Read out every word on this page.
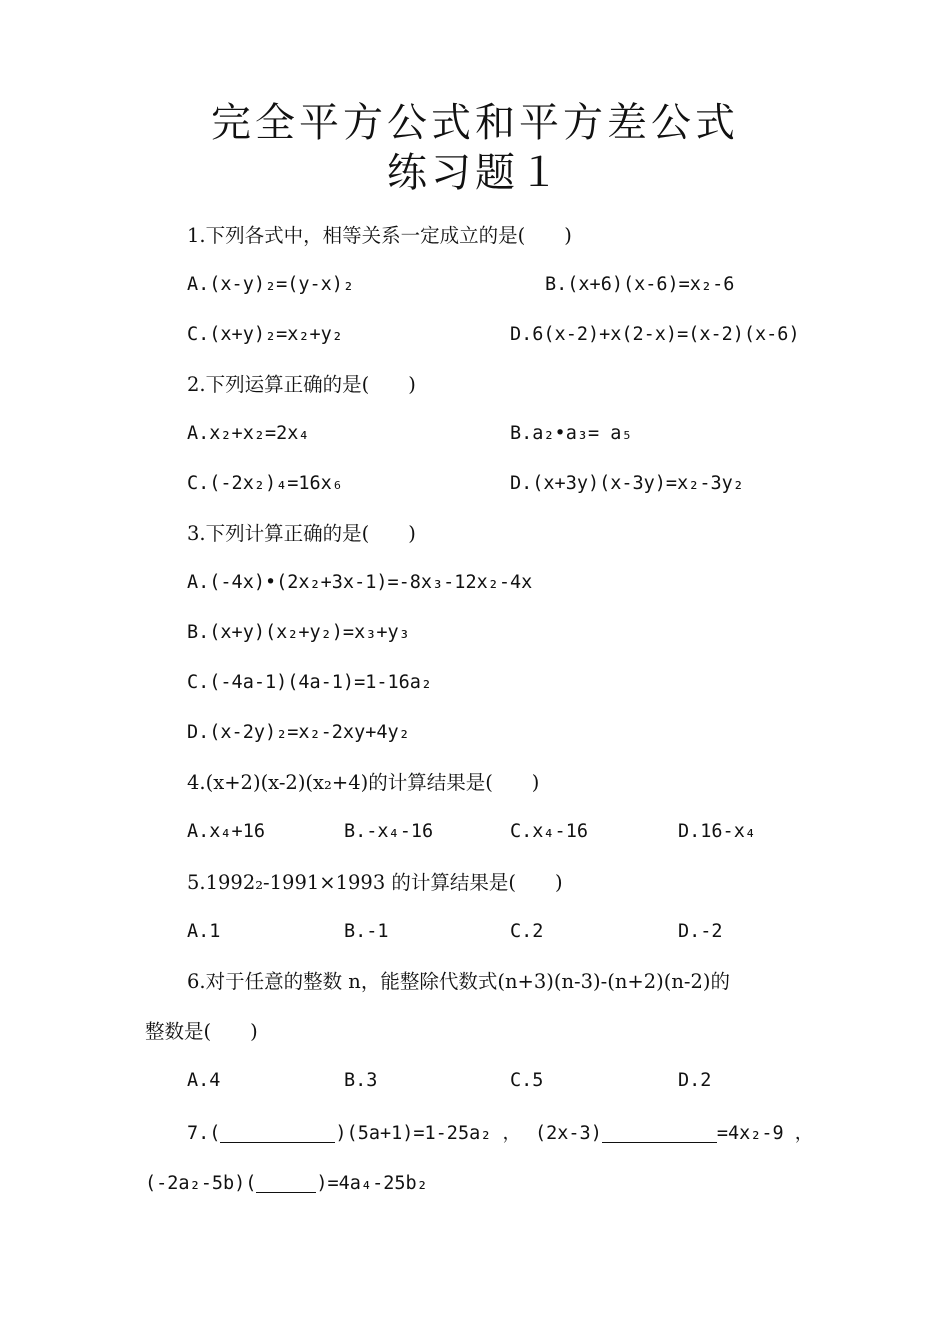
完全平方公式和平方差公式
练习题１
1.下列各式中，相等关系一定成立的是(　　)
A.(x-y)₂=(y-x)₂	B.(x+6)(x-6)=x₂-6
C.(x+y)₂=x₂+y₂	D.6(x-2)+x(2-x)=(x-2)(x-6)
2.下列运算正确的是(　　)
A.x₂+x₂=2x₄	B.a₂•a₃= a₅
C.(-2x₂)₄=16x₆	D.(x+3y)(x-3y)=x₂-3y₂
3.下列计算正确的是(　　)
A.(-4x)•(2x₂+3x-1)=-8x₃-12x₂-4x
B.(x+y)(x₂+y₂)=x₃+y₃
C.(-4a-1)(4a-1)=1-16a₂
D.(x-2y)₂=x₂-2xy+4y₂
4.(x+2)(x-2)(x₂+4)的计算结果是(　　)
A.x₄+16	B.-x₄-16	C.x₄-16	D.16-x₄
5.1992₂-1991×1993 的计算结果是(　　)
A.1	B.-1	C.2	D.-2
6.对于任意的整数 n，能整除代数式(n+3)(n-3)-(n+2)(n-2)的
整数是(　　)
A.4	B.3	C.5	D.2
7.(	)(5a+1)=1-25a₂ ， (2x-3)	=4x₂-9 ，
(-2a₂-5b)(	)=4a₄-25b₂
